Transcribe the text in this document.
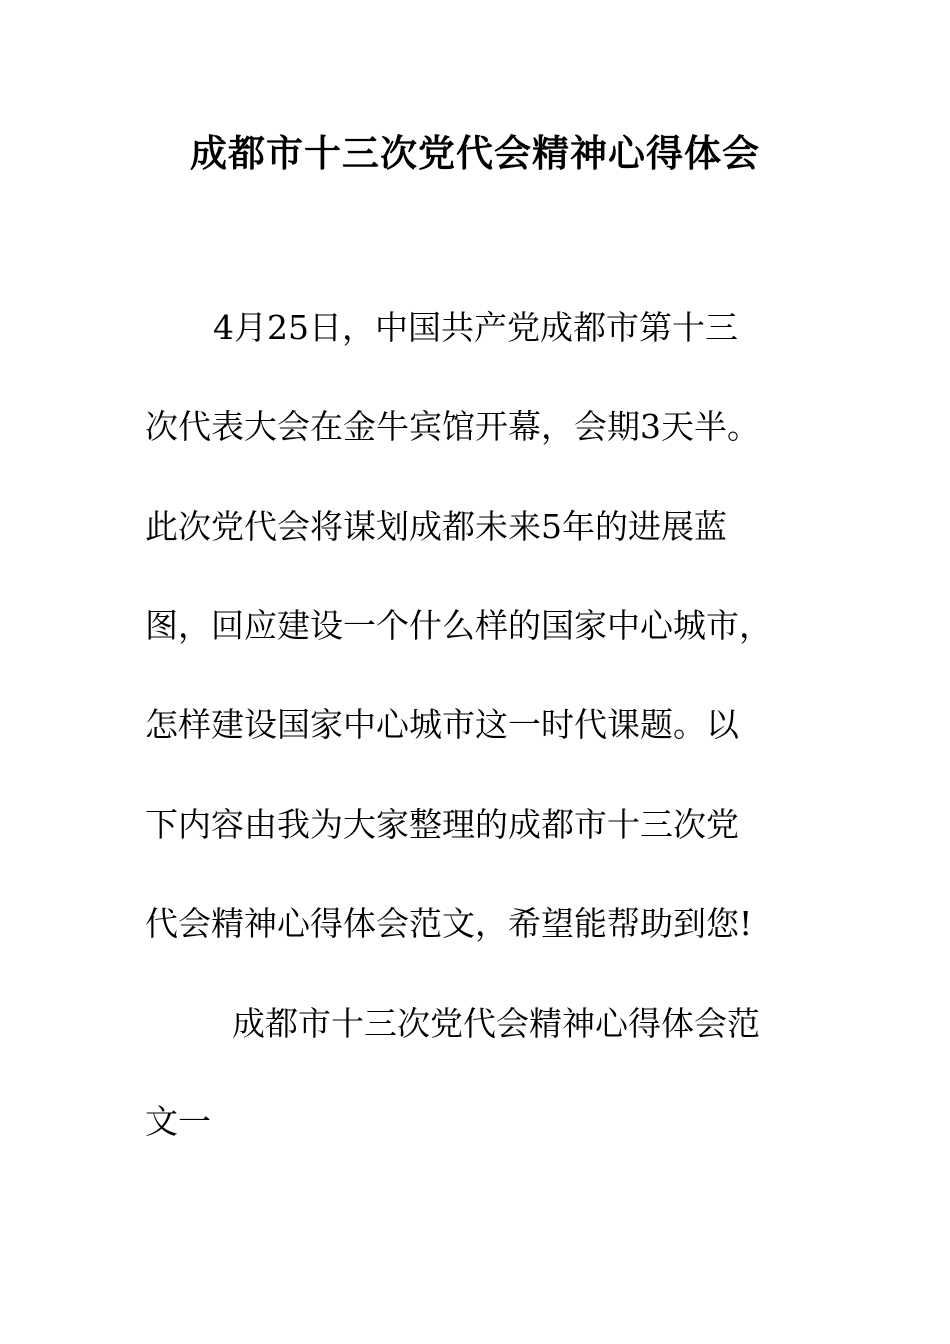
成都市十三次党代会精神心得体会

4月25日，中国共产党成都市第十三

次代表大会在金牛宾馆开幕，会期3天半。

此次党代会将谋划成都未来5年的进展蓝

图，回应建设一个什么样的国家中心城市，

怎样建设国家中心城市这一时代课题。以

下内容由我为大家整理的成都市十三次党

代会精神心得体会范文，希望能帮助到您!

成都市十三次党代会精神心得体会范

文一
